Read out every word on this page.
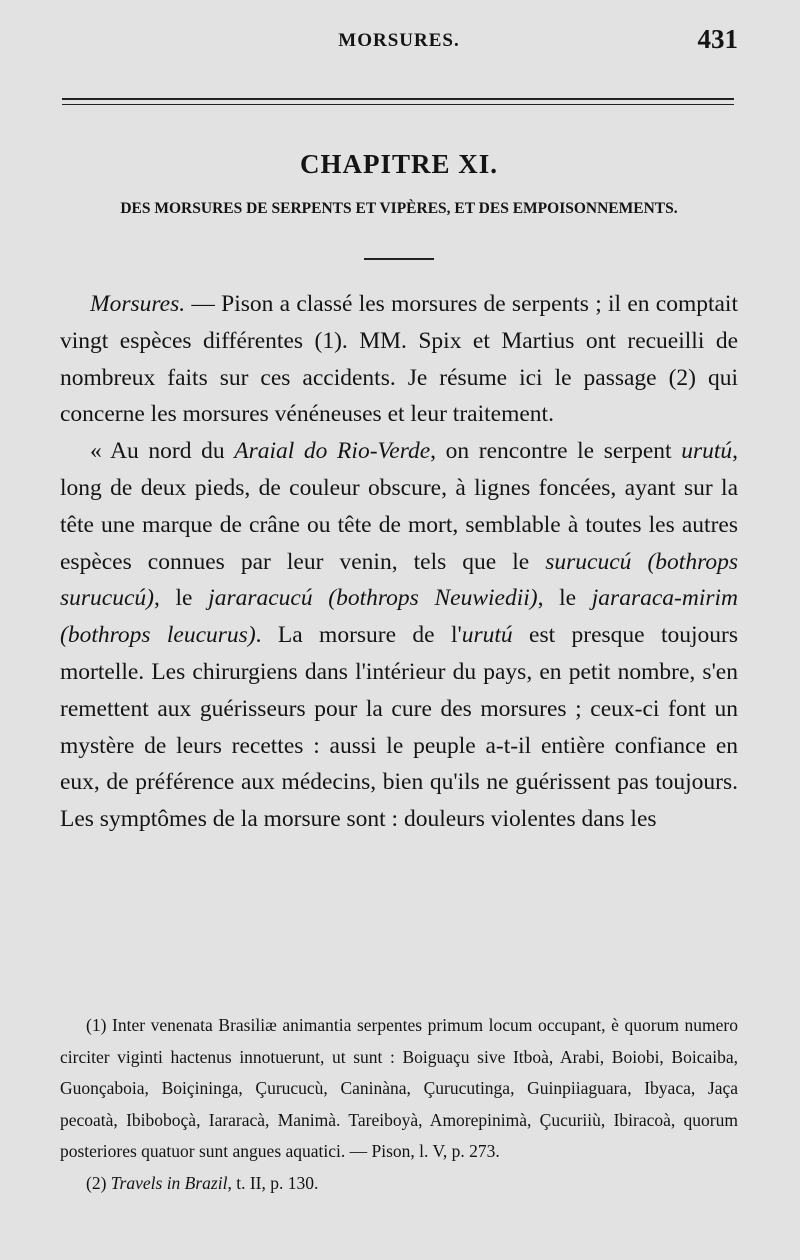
MORSURES.	431
CHAPITRE XI.
DES MORSURES DE SERPENTS ET VIPÈRES, ET DES EMPOISONNEMENTS.

Morsures. — Pison a classé les morsures de serpents ; il en comptait vingt espèces différentes (1). MM. Spix et Martius ont recueilli de nombreux faits sur ces accidents. Je résume ici le passage (2) qui concerne les morsures vénéneuses et leur traitement.

« Au nord du Araial do Rio-Verde, on rencontre le serpent urutú, long de deux pieds, de couleur obscure, à lignes foncées, ayant sur la tête une marque de crâne ou tête de mort, semblable à toutes les autres espèces connues par leur venin, tels que le surucucú (bothrops surucucú), le jararacucú (bothrops Neuwiedii), le jararaca-mirim (bothrops leucurus). La morsure de l'urutú est presque toujours mortelle. Les chirurgiens dans l'intérieur du pays, en petit nombre, s'en remettent aux guérisseurs pour la cure des morsures ; ceux-ci font un mystère de leurs recettes : aussi le peuple a-t-il entière confiance en eux, de préférence aux médecins, bien qu'ils ne guérissent pas toujours. Les symptômes de la morsure sont : douleurs violentes dans les

(1) Inter venenata Brasiliæ animantia serpentes primum locum occupant, è quorum numero circiter viginti hactenus innotuerunt, ut sunt : Boiguaçu sive Itboà, Arabi, Boiobi, Boicaiba, Guonçaboia, Boiçininga, Çurucucù, Caninàna, Çurucutinga, Guinpiiaguara, Ibyaca, Jaça pecoatà, Ibiboboçà, Iararacà, Manimà. Tareiboyà, Amorepinimà, Çucuriiù, Ibiracoà, quorum posteriores quatuor sunt angues aquatici. — Pison, l. V, p. 273.

(2) Travels in Brazil, t. II, p. 130.
